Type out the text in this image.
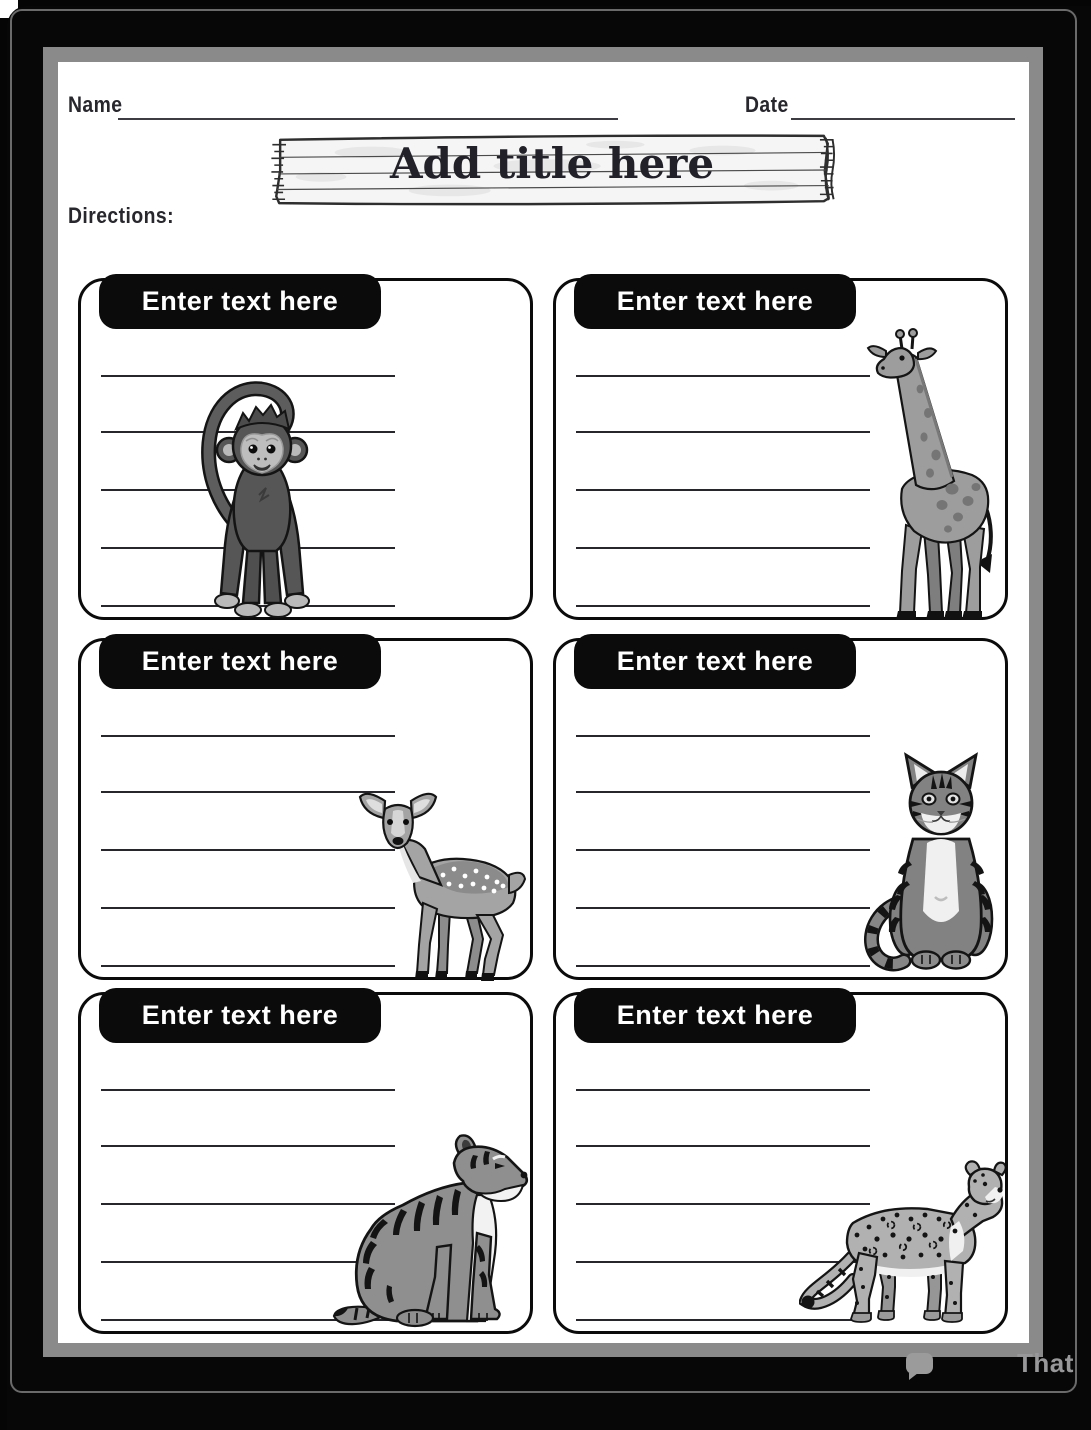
Name	Date
Add title here
Directions:
Enter text here	Enter text here
Enter text here	Enter text here
Enter text here	Enter text here
That
